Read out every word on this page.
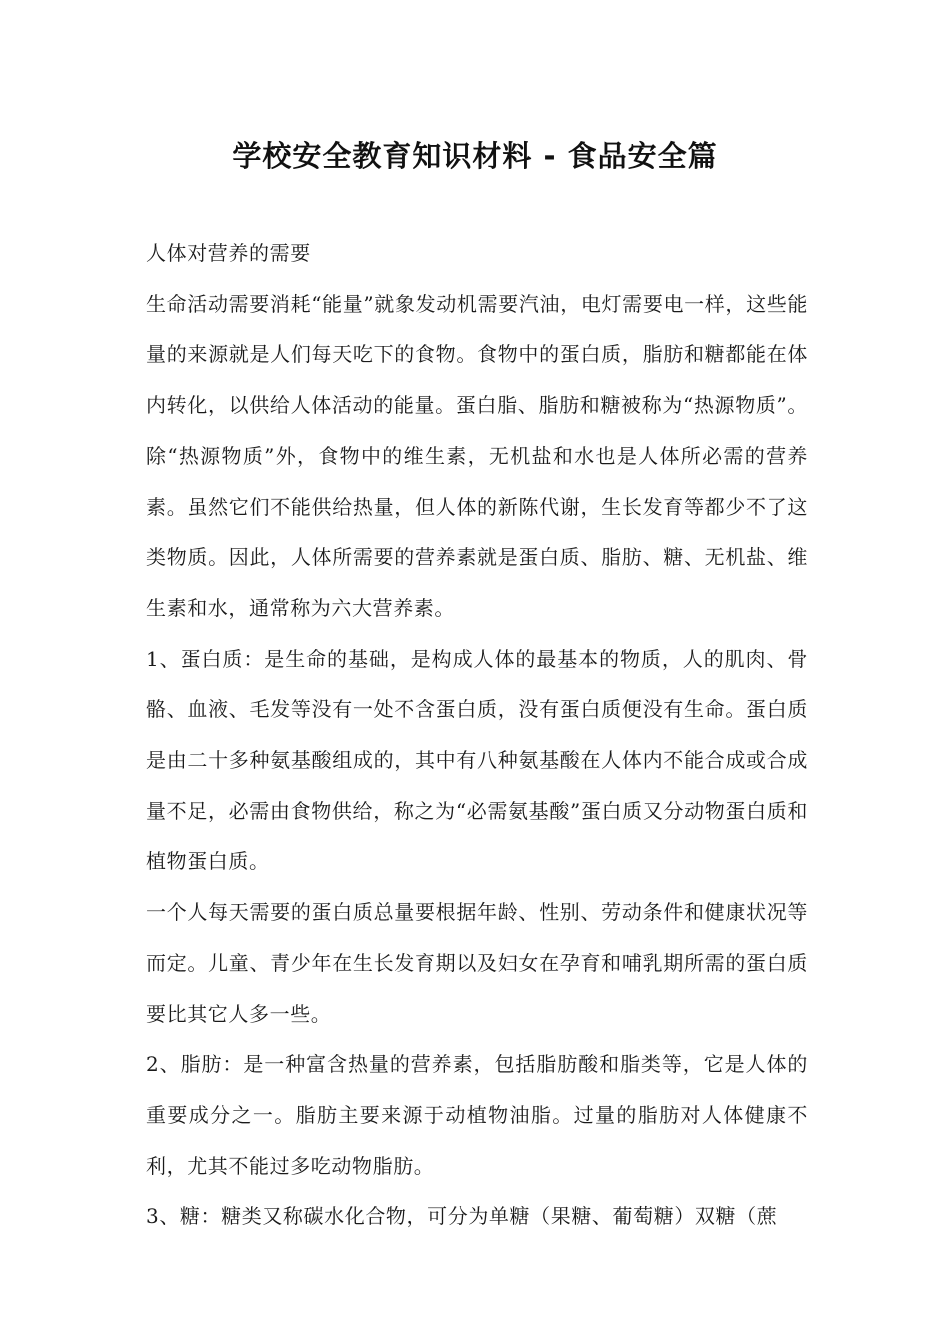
学校安全教育知识材料 - 食品安全篇

人体对营养的需要

生命活动需要消耗“能量”就象发动机需要汽油，电灯需要电一样，这些能量的来源就是人们每天吃下的食物。食物中的蛋白质，脂肪和糖都能在体内转化，以供给人体活动的能量。蛋白脂、脂肪和糖被称为“热源物质”。除“热源物质”外，食物中的维生素，无机盐和水也是人体所必需的营养素。虽然它们不能供给热量，但人体的新陈代谢，生长发育等都少不了这类物质。因此，人体所需要的营养素就是蛋白质、脂肪、糖、无机盐、维生素和水，通常称为六大营养素。

1、蛋白质：是生命的基础，是构成人体的最基本的物质，人的肌肉、骨骼、血液、毛发等没有一处不含蛋白质，没有蛋白质便没有生命。蛋白质是由二十多种氨基酸组成的，其中有八种氨基酸在人体内不能合成或合成量不足，必需由食物供给，称之为“必需氨基酸”蛋白质又分动物蛋白质和植物蛋白质。

一个人每天需要的蛋白质总量要根据年龄、性别、劳动条件和健康状况等而定。儿童、青少年在生长发育期以及妇女在孕育和哺乳期所需的蛋白质要比其它人多一些。

2、脂肪：是一种富含热量的营养素，包括脂肪酸和脂类等，它是人体的重要成分之一。脂肪主要来源于动植物油脂。过量的脂肪对人体健康不利，尤其不能过多吃动物脂肪。

3、糖：糖类又称碳水化合物，可分为单糖（果糖、葡萄糖）双糖（蔗
